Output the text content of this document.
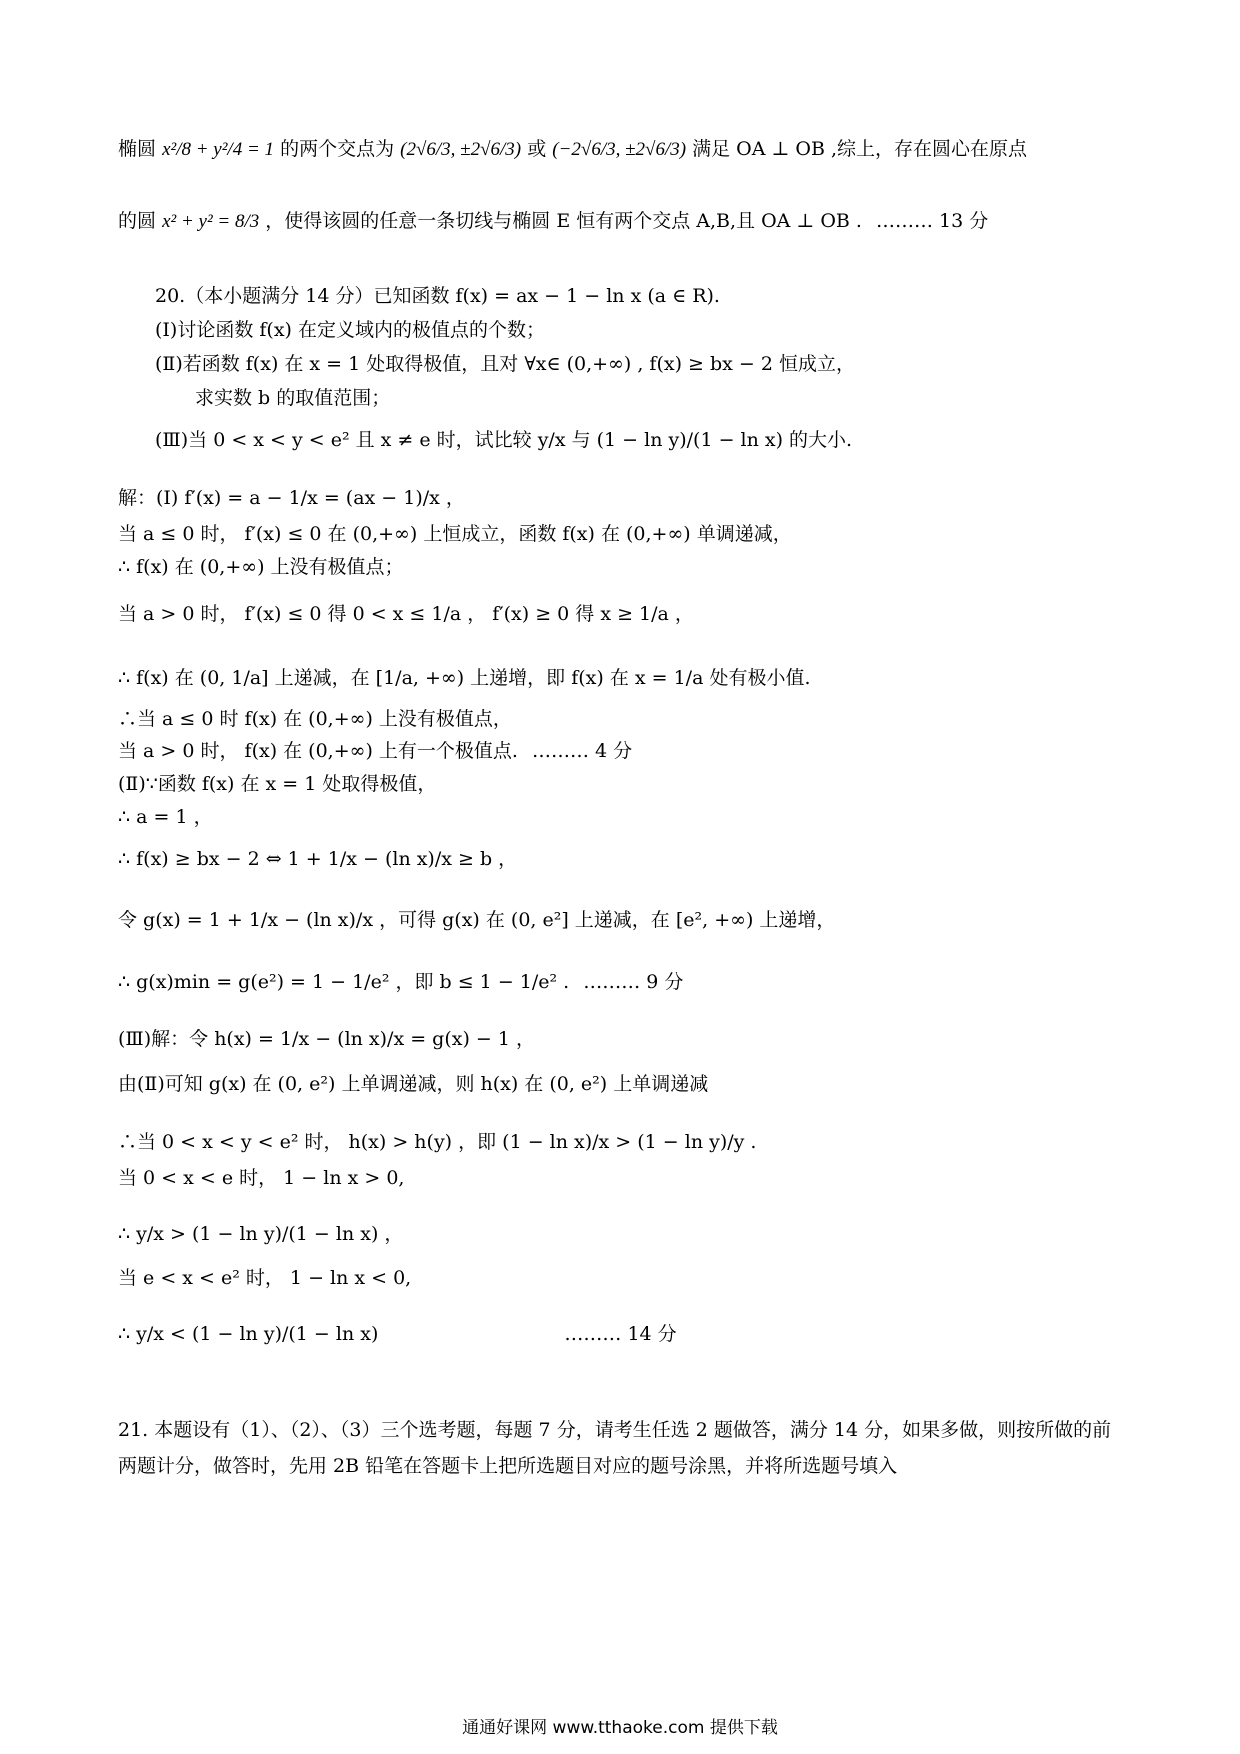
椭圆 x²/8 + y²/4 = 1 的两个交点为 (2√6/3, ±2√6/3) 或 (−2√6/3, ±2√6/3) 满足 OA ⊥ OB ,综上，存在圆心在原点
的圆 x² + y² = 8/3 ，使得该圆的任意一条切线与椭圆 E 恒有两个交点 A,B,且 OA ⊥ OB . ……… 13 分
20.（本小题满分 14 分）已知函数 f(x) = ax − 1 − ln x (a ∈ R).
(Ⅰ)讨论函数 f(x) 在定义域内的极值点的个数；
(Ⅱ)若函数 f(x) 在 x = 1 处取得极值，且对 ∀x∈ (0,+∞) , f(x) ≥ bx − 2 恒成立，
求实数 b 的取值范围；
(Ⅲ)当 0 < x < y < e² 且 x ≠ e 时，试比较 y/x 与 (1 − ln y)/(1 − ln x) 的大小.
解：(Ⅰ) f′(x) = a − 1/x = (ax − 1)/x ，
当 a ≤ 0 时， f′(x) ≤ 0 在 (0,+∞) 上恒成立，函数 f(x) 在 (0,+∞) 单调递减，
∴ f(x) 在 (0,+∞) 上没有极值点；
当 a > 0 时， f′(x) ≤ 0 得 0 < x ≤ 1/a ， f′(x) ≥ 0 得 x ≥ 1/a ，
∴ f(x) 在 (0, 1/a] 上递减，在 [1/a, +∞) 上递增，即 f(x) 在 x = 1/a 处有极小值.
∴当 a ≤ 0 时 f(x) 在 (0,+∞) 上没有极值点，
当 a > 0 时， f(x) 在 (0,+∞) 上有一个极值点. ……… 4 分
(Ⅱ)∵函数 f(x) 在 x = 1 处取得极值，
∴ a = 1 ，
∴ f(x) ≥ bx − 2 ⇔ 1 + 1/x − (ln x)/x ≥ b ，
令 g(x) = 1 + 1/x − (ln x)/x ，可得 g(x) 在 (0, e²] 上递减，在 [e², +∞) 上递增，
∴ g(x)min = g(e²) = 1 − 1/e² ，即 b ≤ 1 − 1/e² . ……… 9 分
(Ⅲ)解：令 h(x) = 1/x − (ln x)/x = g(x) − 1 ，
由(Ⅱ)可知 g(x) 在 (0, e²) 上单调递减，则 h(x) 在 (0, e²) 上单调递减
∴当 0 < x < y < e² 时， h(x) > h(y) ，即 (1 − ln x)/x > (1 − ln y)/y .
当 0 < x < e 时， 1 − ln x > 0,
∴ y/x > (1 − ln y)/(1 − ln x) ，
当 e < x < e² 时， 1 − ln x < 0,
∴ y/x < (1 − ln y)/(1 − ln x)	……… 14 分
21. 本题设有（1）、（2）、（3）三个选考题，每题 7 分，请考生任选 2 题做答，满分 14 分，如果多做，则按所做的前两题计分，做答时，先用 2B 铅笔在答题卡上把所选题目对应的题号涂黑，并将所选题号填入
通通好课网 www.tthaoke.com 提供下载
